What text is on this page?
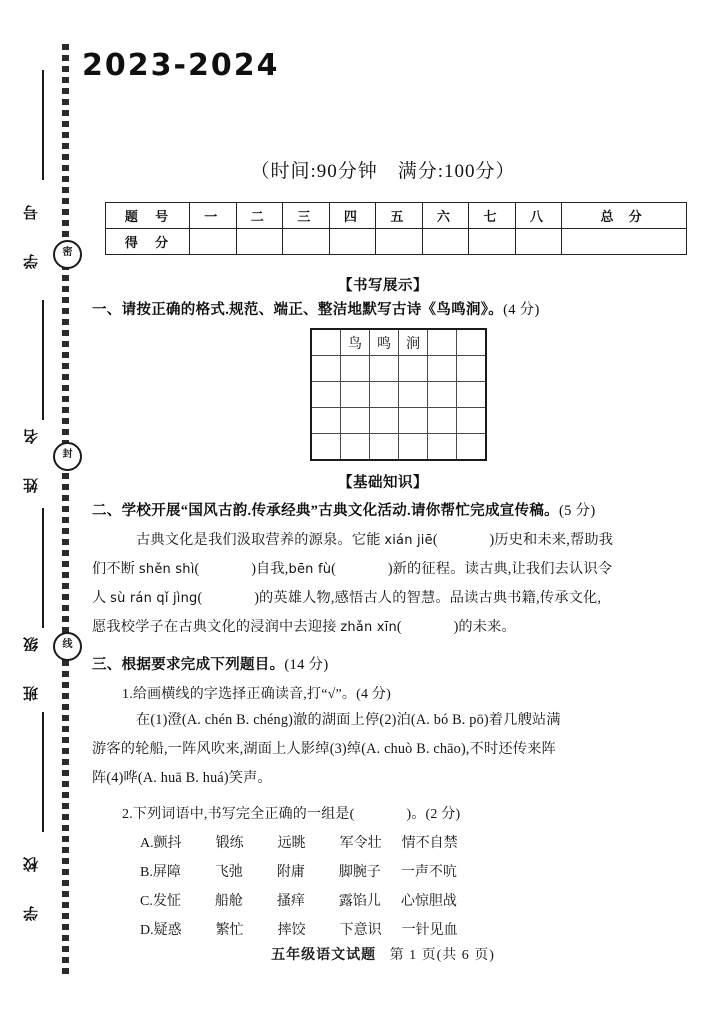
学 号	密
姓 名	封
班 级	线
学 校
2023-2024
（时间:90分钟　满分:100分）
题 号	一	二	三	四	五	六	七	八	总 分
得 分									
【书写展示】
一、请按正确的格式.规范、端正、整洁地默写古诗《鸟鸣涧》。(4 分)
	鸟	鸣	涧		

【基础知识】
二、学校开展“国风古韵.传承经典”古典文化活动.请你帮忙完成宣传稿。(5 分)
古典文化是我们汲取营养的源泉。它能 xián jiē(	)历史和未来,帮助我
们不断 shěn shì(	)自我,bēn fù(	)新的征程。读古典,让我们去认识令
人 sù rán qǐ jìng(	)的英雄人物,感悟古人的智慧。品读古典书籍,传承文化,
愿我校学子在古典文化的浸润中去迎接 zhǎn xīn(	)的未来。
三、根据要求完成下列题目。(14 分)
1.给画横线的字选择正确读音,打“√”。(4 分)
在(1)澄(A. chén B. chéng)澈的湖面上停(2)泊(A. bó B. pō)着几艘站满
游客的轮船,一阵风吹来,湖面上人影绰(3)绰(A. chuò B. chāo),不时还传来阵
阵(4)哗(A. huā B. huá)笑声。
2.下列词语中,书写完全正确的一组是(	)。(2 分)
A.颤抖 锻练 远眺 军令壮 情不自禁
B.屏障 飞弛 附庸 脚腕子 一声不吭
C.发怔 船舱 搔痒 露馅儿 心惊胆战
D.疑惑 繁忙 摔饺 下意识 一针见血
五年级语文试题 第 1 页(共 6 页)
